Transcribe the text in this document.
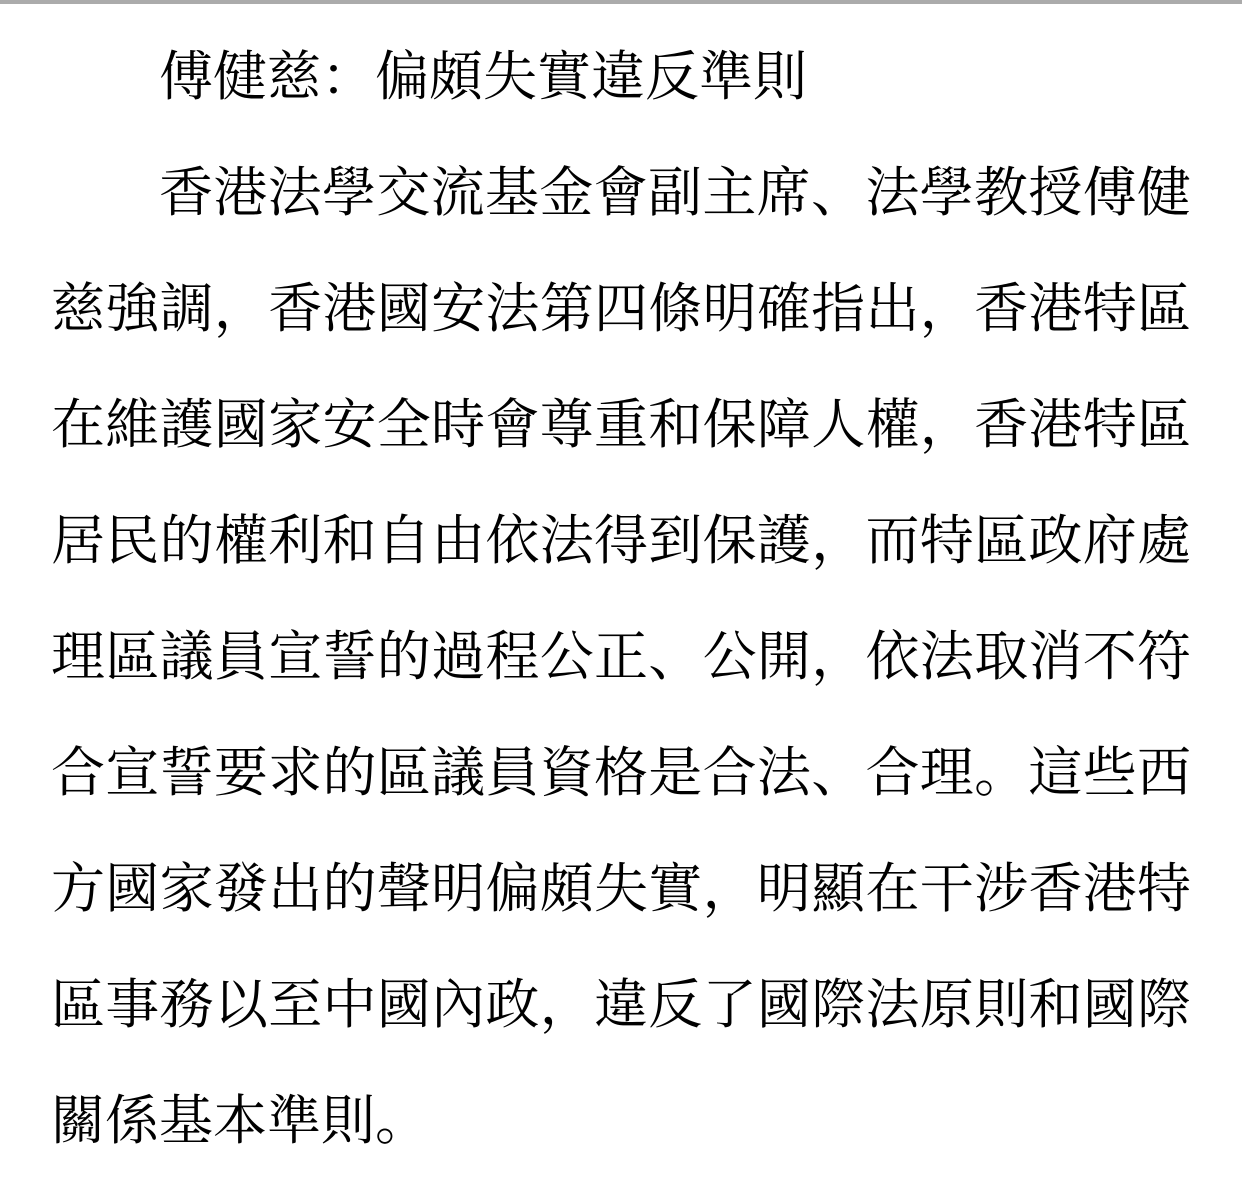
傅健慈：偏頗失實違反準則
香港法學交流基金會副主席、法學教授傅健
慈強調，香港國安法第四條明確指出，香港特區
在維護國家安全時會尊重和保障人權，香港特區
居民的權利和自由依法得到保護，而特區政府處
理區議員宣誓的過程公正、公開，依法取消不符
合宣誓要求的區議員資格是合法、合理。這些西
方國家發出的聲明偏頗失實，明顯在干涉香港特
區事務以至中國內政，違反了國際法原則和國際
關係基本準則。
